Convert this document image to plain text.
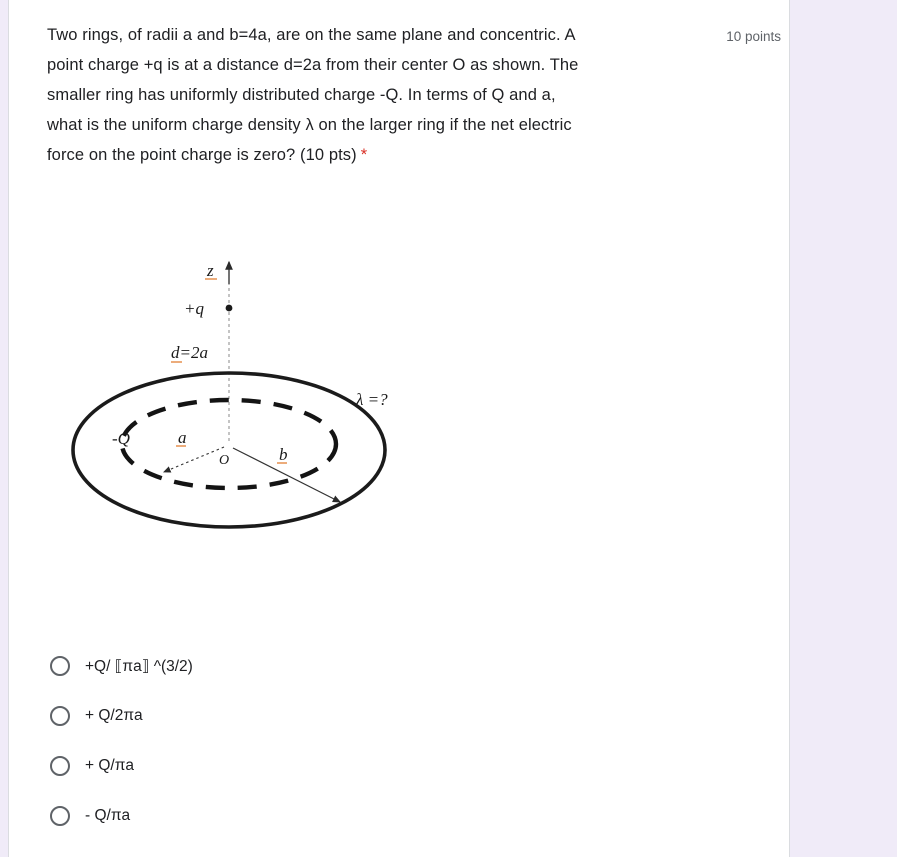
Two rings, of radii a and b=4a, are on the same plane and concentric. A
point charge +q is at a distance d=2a from their center O as shown. The
smaller ring has uniformly distributed charge -Q. In terms of Q and a,
what is the uniform charge density λ on the larger ring if the net electric
force on the point charge is zero? (10 pts) *
10 points
z
+q
d=2a
λ =?
-Q	a
O	b
+Q/ ⟦πa⟧ ^(3/2)
+ Q/2πa
+ Q/πa
- Q/πa
